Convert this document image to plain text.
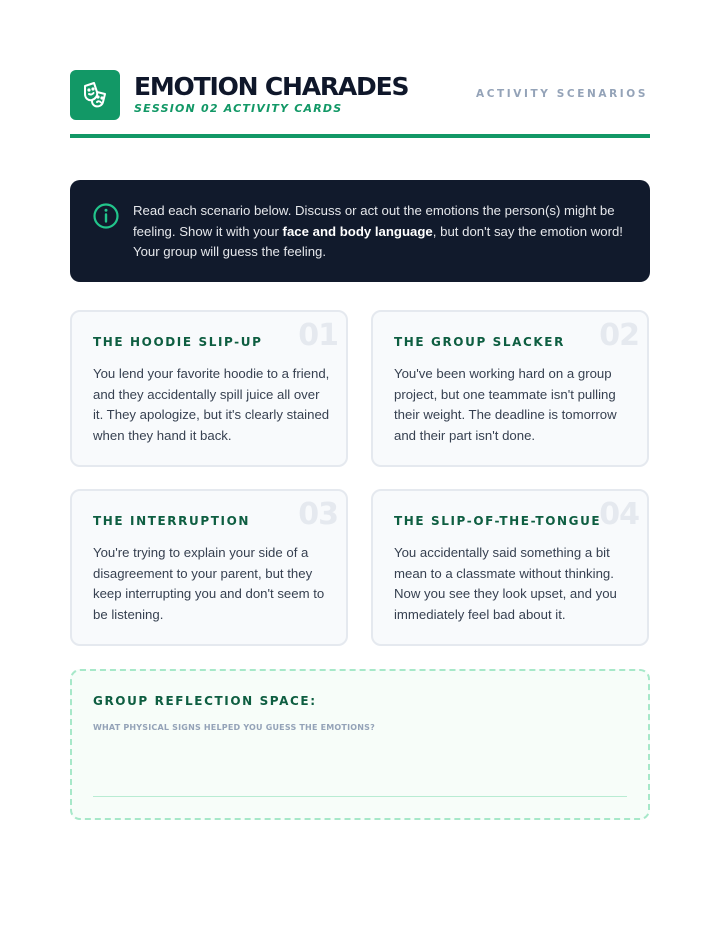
EMOTION CHARADES
SESSION 02 ACTIVITY CARDS
ACTIVITY SCENARIOS

Read each scenario below. Discuss or act out the emotions the person(s) might be feeling. Show it with your face and body language, but don't say the emotion word! Your group will guess the feeling.

01
THE HOODIE SLIP-UP

You lend your favorite hoodie to a friend, and they accidentally spill juice all over it. They apologize, but it's clearly stained when they hand it back.

02
THE GROUP SLACKER

You've been working hard on a group project, but one teammate isn't pulling their weight. The deadline is tomorrow and their part isn't done.

03
THE INTERRUPTION

You're trying to explain your side of a disagreement to your parent, but they keep interrupting you and don't seem to be listening.

04
THE SLIP-OF-THE-TONGUE

You accidentally said something a bit mean to a classmate without thinking. Now you see they look upset, and you immediately feel bad about it.

GROUP REFLECTION SPACE:
WHAT PHYSICAL SIGNS HELPED YOU GUESS THE EMOTIONS?
